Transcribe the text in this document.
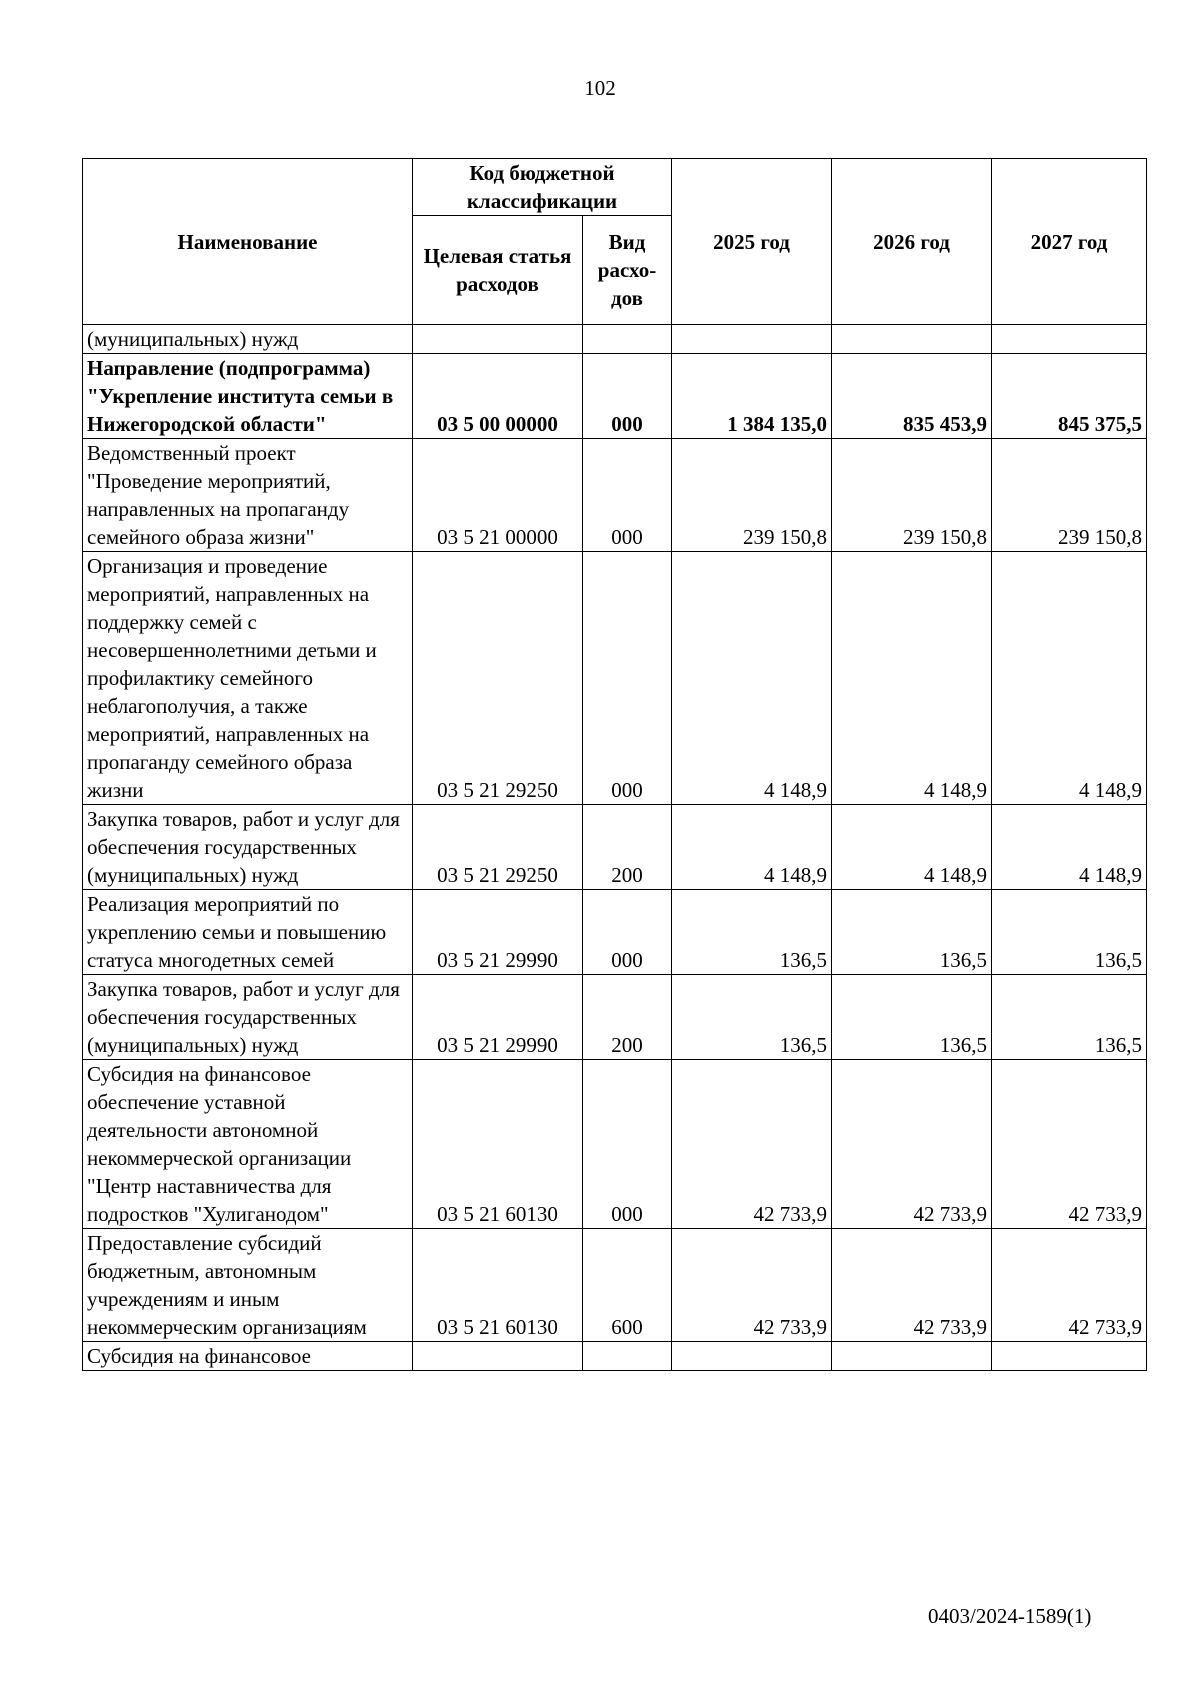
102
Наименование	Код бюджетной классификации		2025 год	2026 год	2027 год
	Целевая статья расходов	Вид расхо-дов			
(муниципальных) нужд					
Направление (подпрограмма) "Укрепление института семьи в Нижегородской области"	03 5 00 00000	000	1 384 135,0	835 453,9	845 375,5
Ведомственный проект "Проведение мероприятий, направленных на пропаганду семейного образа жизни"	03 5 21 00000	000	239 150,8	239 150,8	239 150,8
Организация и проведение мероприятий, направленных на поддержку семей с несовершеннолетними детьми и профилактику семейного неблагополучия, а также мероприятий, направленных на пропаганду семейного образа жизни	03 5 21 29250	000	4 148,9	4 148,9	4 148,9
Закупка товаров, работ и услуг для обеспечения государственных (муниципальных) нужд	03 5 21 29250	200	4 148,9	4 148,9	4 148,9
Реализация мероприятий по укреплению семьи и повышению статуса многодетных семей	03 5 21 29990	000	136,5	136,5	136,5
Закупка товаров, работ и услуг для обеспечения государственных (муниципальных) нужд	03 5 21 29990	200	136,5	136,5	136,5
Субсидия на финансовое обеспечение уставной деятельности автономной некоммерческой организации "Центр наставничества для подростков "Хулиганодом"	03 5 21 60130	000	42 733,9	42 733,9	42 733,9
Предоставление субсидий бюджетным, автономным учреждениям и иным некоммерческим организациям	03 5 21 60130	600	42 733,9	42 733,9	42 733,9
Субсидия на финансовое					
0403/2024-1589(1)
